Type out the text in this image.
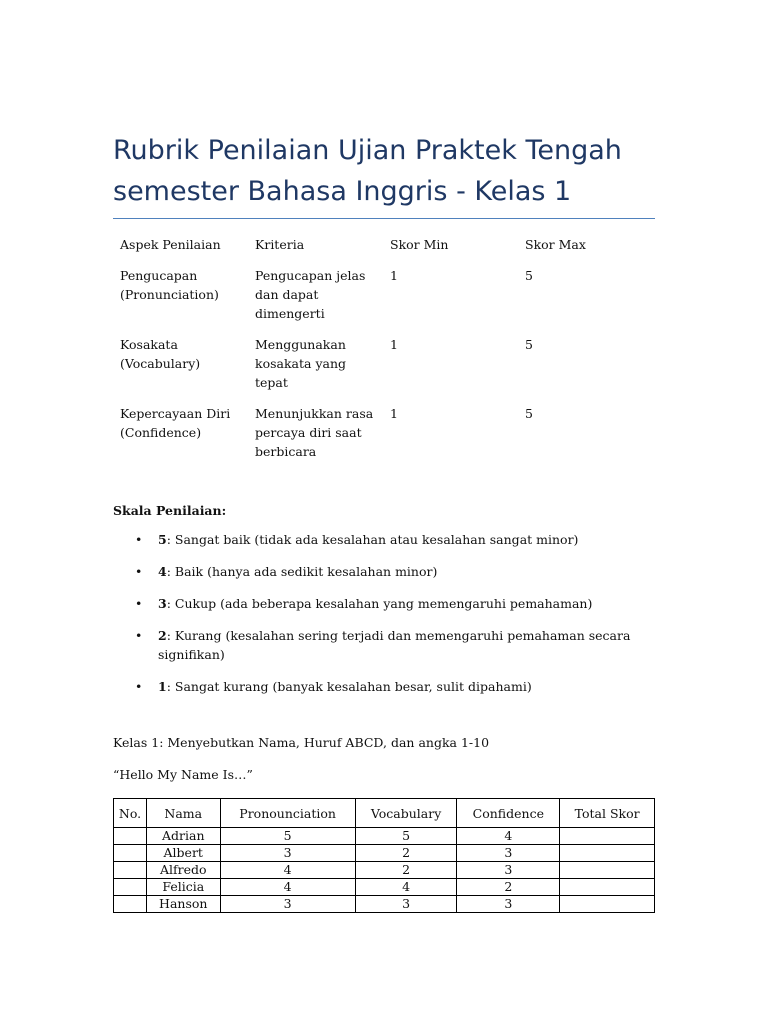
Rubrik Penilaian Ujian Praktek Tengah
semester Bahasa Inggris - Kelas 1
Aspek Penilaian	Kriteria	Skor Min	Skor Max
Pengucapan (Pronunciation)	Pengucapan jelas dan dapat dimengerti	1	5
Kosakata (Vocabulary)	Menggunakan kosakata yang tepat	1	5
Kepercayaan Diri (Confidence)	Menunjukkan rasa percaya diri saat berbicara	1	5
Skala Penilaian:
• 5: Sangat baik (tidak ada kesalahan atau kesalahan sangat minor)
• 4: Baik (hanya ada sedikit kesalahan minor)
• 3: Cukup (ada beberapa kesalahan yang memengaruhi pemahaman)
• 2: Kurang (kesalahan sering terjadi dan memengaruhi pemahaman secara signifikan)
• 1: Sangat kurang (banyak kesalahan besar, sulit dipahami)
Kelas 1: Menyebutkan Nama, Huruf ABCD, dan angka 1-10
“Hello My Name Is…”
No.	Nama	Pronounciation	Vocabulary	Confidence	Total Skor
	Adrian	5	5	4	
	Albert	3	2	3	
	Alfredo	4	2	3	
	Felicia	4	4	2	
	Hanson	3	3	3	
